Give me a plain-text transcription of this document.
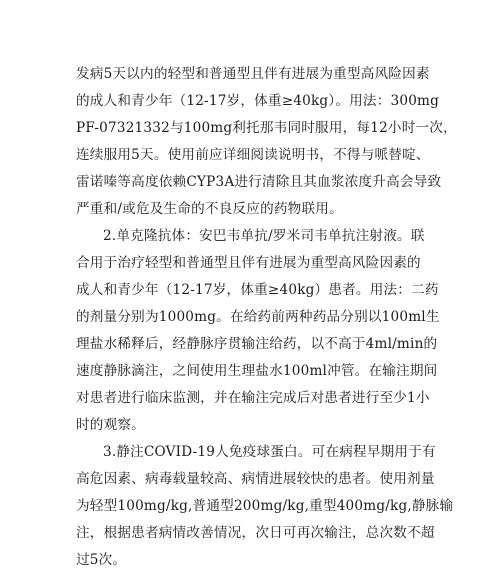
发病5天以内的轻型和普通型且伴有进展为重型高风险因素
的成人和青少年（12-17岁，体重≥40kg）。用法：300mg
PF-07321332与100mg利托那韦同时服用，每12小时一次，
连续服用5天。使用前应详细阅读说明书，不得与哌替啶、
雷诺嗪等高度依赖CYP3A进行清除且其血浆浓度升高会导致
严重和/或危及生命的不良反应的药物联用。
2.单克隆抗体：安巴韦单抗/罗米司韦单抗注射液。联
合用于治疗轻型和普通型且伴有进展为重型高风险因素的
成人和青少年（12-17岁，体重≥40kg）患者。用法：二药
的剂量分别为1000mg。在给药前两种药品分别以100ml生
理盐水稀释后，经静脉序贯输注给药，以不高于4ml/min的
速度静脉滴注，之间使用生理盐水100ml冲管。在输注期间
对患者进行临床监测，并在输注完成后对患者进行至少1小
时的观察。
3.静注COVID-19人免疫球蛋白。可在病程早期用于有
高危因素、病毒载量较高、病情进展较快的患者。使用剂量
为轻型100mg/kg,普通型200mg/kg,重型400mg/kg,静脉输
注，根据患者病情改善情况，次日可再次输注，总次数不超
过5次。
